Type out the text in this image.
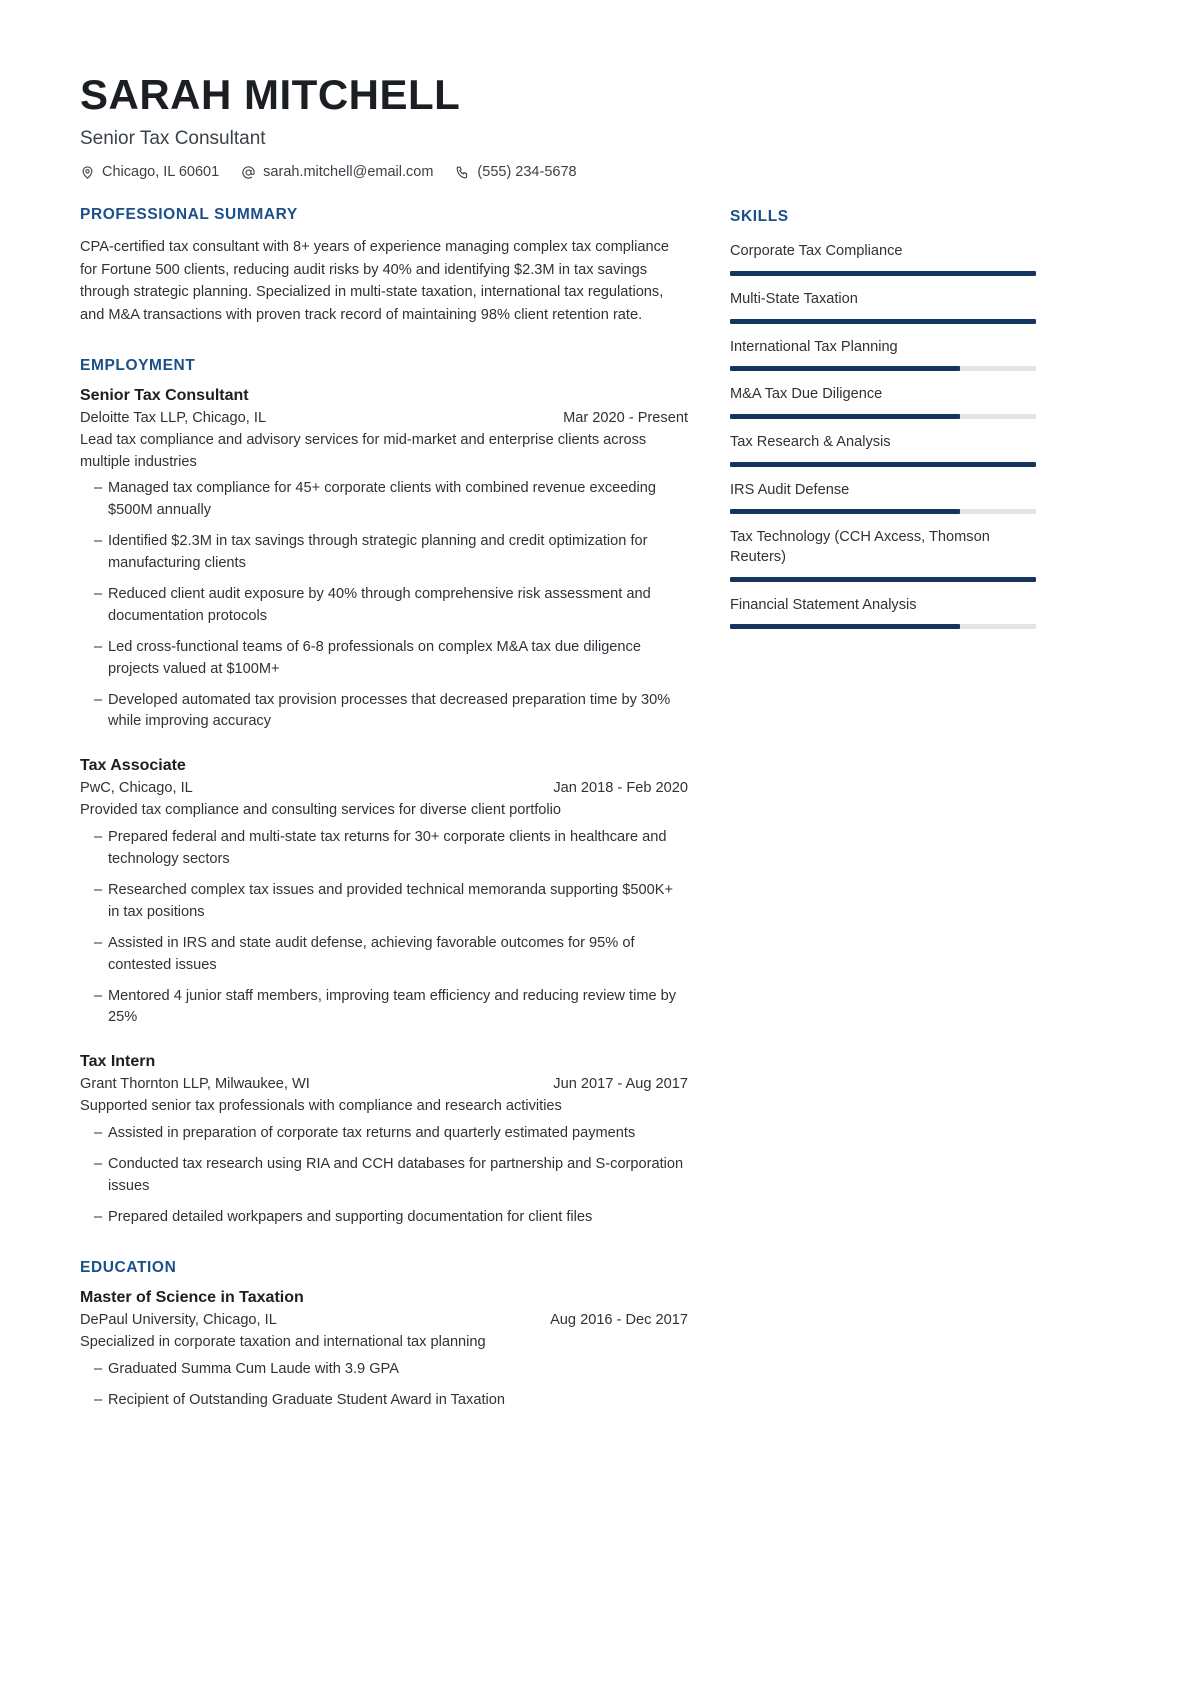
SARAH MITCHELL
Senior Tax Consultant
Chicago, IL 60601	sarah.mitchell@email.com	(555) 234-5678
PROFESSIONAL SUMMARY

CPA-certified tax consultant with 8+ years of experience managing complex tax compliance for Fortune 500 clients, reducing audit risks by 40% and identifying $2.3M in tax savings through strategic planning. Specialized in multi-state taxation, international tax regulations, and M&A transactions with proven track record of maintaining 98% client retention rate.

EMPLOYMENT
Senior Tax Consultant
Deloitte Tax LLP, Chicago, IL	Mar 2020 - Present

Lead tax compliance and advisory services for mid-market and enterprise clients across multiple industries

– Managed tax compliance for 45+ corporate clients with combined revenue exceeding $500M annually
– Identified $2.3M in tax savings through strategic planning and credit optimization for manufacturing clients
– Reduced client audit exposure by 40% through comprehensive risk assessment and documentation protocols
– Led cross-functional teams of 6-8 professionals on complex M&A tax due diligence projects valued at $100M+
– Developed automated tax provision processes that decreased preparation time by 30% while improving accuracy
Tax Associate
PwC, Chicago, IL	Jan 2018 - Feb 2020

Provided tax compliance and consulting services for diverse client portfolio

– Prepared federal and multi-state tax returns for 30+ corporate clients in healthcare and technology sectors
– Researched complex tax issues and provided technical memoranda supporting $500K+ in tax positions
– Assisted in IRS and state audit defense, achieving favorable outcomes for 95% of contested issues
– Mentored 4 junior staff members, improving team efficiency and reducing review time by 25%
Tax Intern
Grant Thornton LLP, Milwaukee, WI	Jun 2017 - Aug 2017

Supported senior tax professionals with compliance and research activities

– Assisted in preparation of corporate tax returns and quarterly estimated payments
– Conducted tax research using RIA and CCH databases for partnership and S-corporation issues
– Prepared detailed workpapers and supporting documentation for client files
EDUCATION
Master of Science in Taxation
DePaul University, Chicago, IL	Aug 2016 - Dec 2017

Specialized in corporate taxation and international tax planning

– Graduated Summa Cum Laude with 3.9 GPA
– Recipient of Outstanding Graduate Student Award in Taxation
SKILLS
Corporate Tax Compliance
Multi-State Taxation
International Tax Planning
M&A Tax Due Diligence
Tax Research & Analysis
IRS Audit Defense
Tax Technology (CCH Axcess, Thomson Reuters)
Financial Statement Analysis
